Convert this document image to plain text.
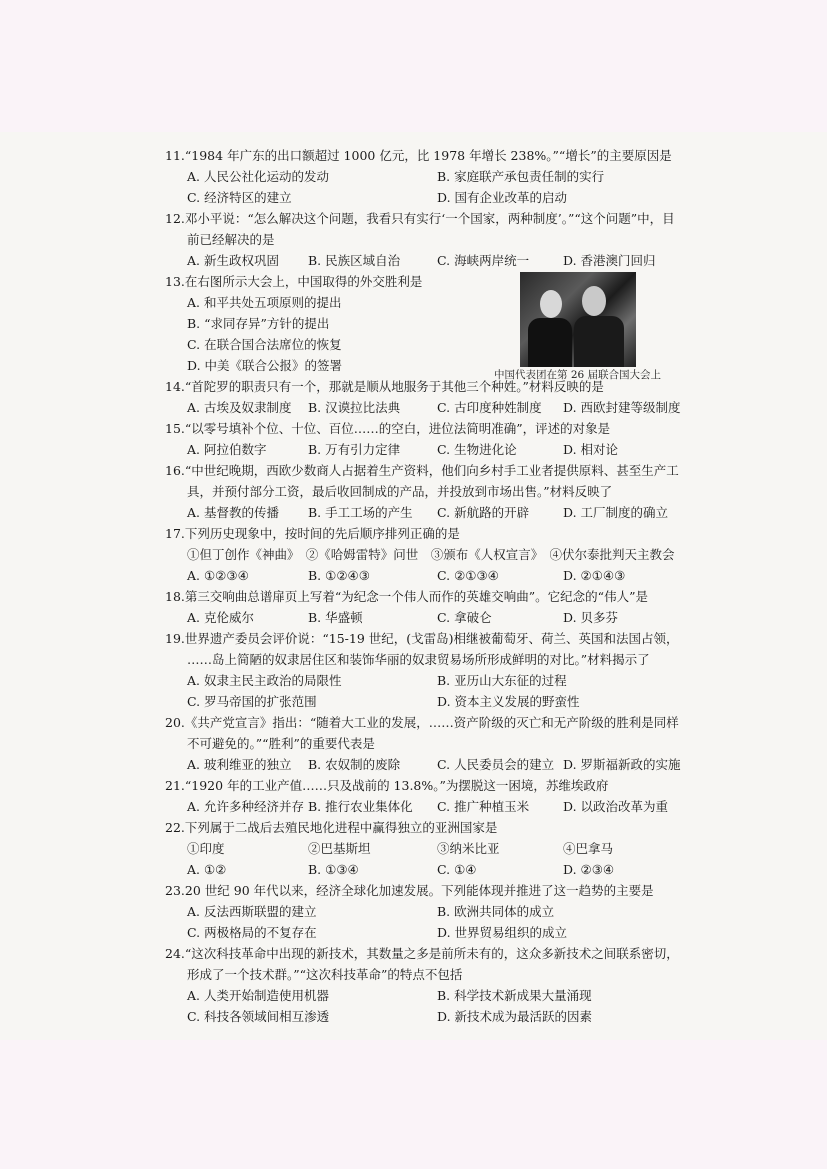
11.“1984 年广东的出口额超过 1000 亿元，比 1978 年增长 238%。”“增长”的主要原因是
A. 人民公社化运动的发动	B. 家庭联产承包责任制的实行
C. 经济特区的建立	D. 国有企业改革的启动
12.邓小平说：“怎么解决这个问题，我看只有实行‘一个国家，两种制度’。”“这个问题”中，目
前已经解决的是
A. 新生政权巩固 B. 民族区域自治	C. 海峡两岸统一	D. 香港澳门回归
13.在右图所示大会上，中国取得的外交胜利是
A. 和平共处五项原则的提出
B. “求同存异”方针的提出
C. 在联合国合法席位的恢复
D. 中美《联合公报》的签署
14.“首陀罗的职责只有一个，那就是顺从地服务于其他三个种姓。”材料反映的是
A. 古埃及奴隶制度 B. 汉谟拉比法典	C. 古印度种姓制度 D. 西欧封建等级制度
15.“以零号填补个位、十位、百位……的空白，进位法简明准确”，评述的对象是
A. 阿拉伯数字	B. 万有引力定律	C. 生物进化论	D. 相对论
16.“中世纪晚期，西欧少数商人占据着生产资料，他们向乡村手工业者提供原料、甚至生产工
具，并预付部分工资，最后收回制成的产品，并投放到市场出售。”材料反映了
A. 基督教的传播 B. 手工工场的产生 C. 新航路的开辟	D. 工厂制度的确立
17.下列历史现象中，按时间的先后顺序排列正确的是
①但丁创作《神曲》　②《哈姆雷特》问世　③颁布《人权宣言》　④伏尔泰批判天主教会
A. ①②③④	B. ①②④③	C. ②①③④	D. ②①④③
18.第三交响曲总谱扉页上写着“为纪念一个伟人而作的英雄交响曲”。它纪念的“伟人”是
A. 克伦威尔	B. 华盛顿	C. 拿破仑	D. 贝多芬
19.世界遗产委员会评价说：“15-19 世纪，(戈雷岛)相继被葡萄牙、荷兰、英国和法国占领，
……岛上简陋的奴隶居住区和装饰华丽的奴隶贸易场所形成鲜明的对比。”材料揭示了
A. 奴隶主民主政治的局限性	B. 亚历山大东征的过程
C. 罗马帝国的扩张范围	D. 资本主义发展的野蛮性
20.《共产党宣言》指出：“随着大工业的发展，……资产阶级的灭亡和无产阶级的胜利是同样
不可避免的。”“胜利”的重要代表是
A. 玻利维亚的独立 B. 农奴制的废除	C. 人民委员会的建立 D. 罗斯福新政的实施
21.“1920 年的工业产值……只及战前的 13.8%。”为摆脱这一困境，苏维埃政府
A. 允许多种经济并存 B. 推行农业集体化 C. 推广种植玉米	D. 以政治改革为重
22.下列属于二战后去殖民地化进程中赢得独立的亚洲国家是
①印度	②巴基斯坦	③纳米比亚	④巴拿马
A. ①②	B. ①③④	C. ①④	D. ②③④
23.20 世纪 90 年代以来，经济全球化加速发展。下列能体现并推进了这一趋势的主要是
A. 反法西斯联盟的建立	B. 欧洲共同体的成立
C. 两极格局的不复存在	D. 世界贸易组织的成立
24.“这次科技革命中出现的新技术，其数量之多是前所未有的，这众多新技术之间联系密切，
形成了一个技术群。”“这次科技革命”的特点不包括
A. 人类开始制造使用机器	B. 科学技术新成果大量涌现
C. 科技各领域间相互渗透	D. 新技术成为最活跃的因素
中国代表团在第 26 届联合国大会上
